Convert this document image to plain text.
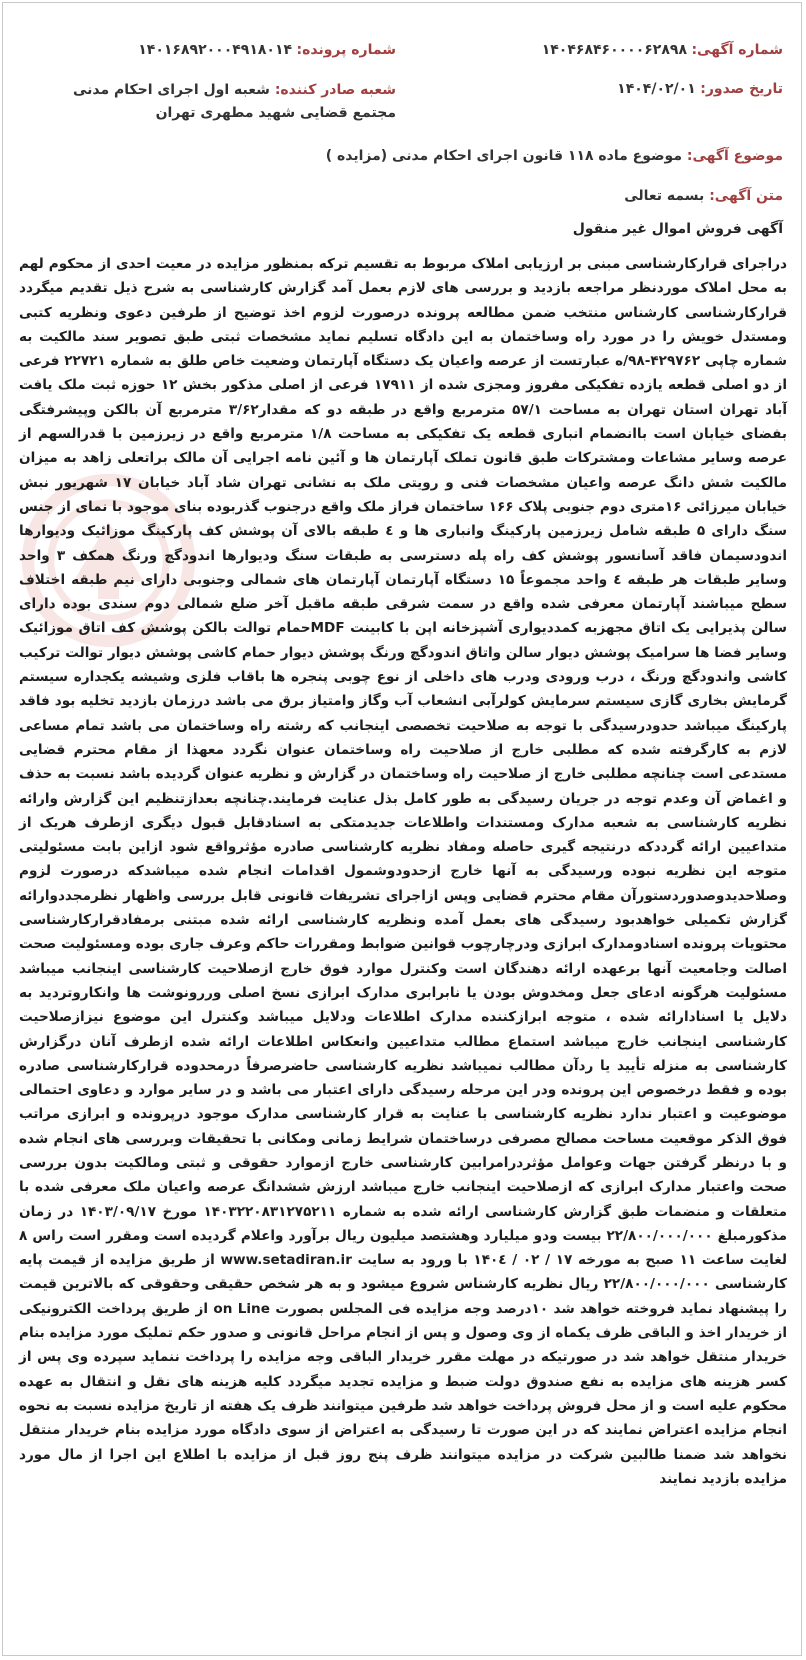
شماره آگهی: ۱۴۰۴۶۸۴۶۰۰۰۰۶۲۸۹۸
شماره پرونده: ۱۴۰۱۶۸۹۲۰۰۰۴۹۱۸۰۱۴
تاریخ صدور: ۱۴۰۴/۰۲/۰۱
شعبه صادر کننده: شعبه اول اجرای احکام مدنی مجتمع قضایی شهید مطهری تهران
موضوع آگهی: موضوع ماده ۱۱۸ قانون اجرای احکام مدنی (مزایده )
متن آگهی: بسمه تعالی
آگهی فروش اموال غیر منقول

دراجرای قرارکارشناسی مبنی بر ارزیابی املاک مربوط به تقسیم ترکه بمنظور مزایده در معیت احدی از محکوم لهم به محل املاک موردنظر مراجعه بازدید و بررسی های لازم بعمل آمد گزارش کارشناسی به شرح ذیل تقدیم میگردد قرارکارشناسی کارشناس منتخب ضمن مطالعه پرونده درصورت لزوم اخذ توضیح از طرفین دعوی ونظریه کتبی ومستدل خویش را در مورد راه وساختمان به این دادگاه تسلیم نماید مشخصات ثبتی طبق تصویر سند مالکیت به شماره چاپی ۴۲۹۷۶۲-۹۸/ه عبارتست از عرصه واعیان یک دستگاه آپارتمان وضعیت خاص طلق به شماره ۲۲۷۲۱ فرعی از دو اصلی قطعه یازده تفکیکی مفروز ومجزی شده از ۱۷۹۱۱ فرعی از اصلی مذکور بخش ۱۲ حوزه ثبت ملک یافت آباد تهران استان تهران به مساحت ۵۷/۱ مترمربع واقع در طبقه دو که مقدار۳/۶۲ مترمربع آن بالکن وپیشرفتگی بفضای خیابان است باانضمام انباری قطعه یک تفکیکی به مساحت ۱/۸ مترمربع واقع در زیرزمین با قدرالسهم از عرصه وسایر مشاعات ومشترکات طبق قانون تملک آپارتمان ها و آئین نامه اجرایی آن مالک براتعلی زاهد به میزان مالکیت شش دانگ عرصه واعیان مشخصات فنی و رویتی ملک به نشانی تهران شاد آباد خیابان ۱۷ شهریور نبش خیابان میرزائی ۱۶متری دوم جنوبی پلاک ۱۶۶ ساختمان فراز ملک واقع درجنوب گذربوده بنای موجود با نمای از جنس سنگ دارای ۵ طبقه شامل زیرزمین پارکینگ وانباری ها و ٤ طبقه بالای آن پوشش کف پارکینگ موزائیک ودیوارها اندودسیمان فاقد آسانسور پوشش کف راه پله دسترسی به طبقات سنگ ودیوارها اندودگچ ورنگ همکف ۳ واحد وسایر طبقات هر طبقه ٤ واحد مجموعاً ۱۵ دستگاه آپارتمان آپارتمان های شمالی وجنوبی دارای نیم طبقه اختلاف سطح میباشند آپارتمان معرفی شده واقع در سمت شرقی طبقه ماقبل آخر ضلع شمالی دوم سندی بوده دارای سالن پذیرایی یک اتاق مجهزبه کمددیواری آشپزخانه اپن با کابینت MDFحمام توالت بالکن پوشش کف اتاق موزائیک وسایر فضا ها سرامیک پوشش دیوار سالن واتاق اندودگچ ورنگ پوشش دیوار حمام کاشی پوشش دیوار توالت ترکیب کاشی واندودگچ ورنگ ، درب ورودی ودرب های داخلی از نوع چوبی پنجره ها باقاب فلزی وشیشه یکجداره سیستم گرمایش بخاری گازی سیستم سرمایش کولرآبی انشعاب آب وگاز وامتیاز برق می باشد درزمان بازدید تخلیه بود فاقد پارکینگ میباشد حدودرسیدگی با توجه به صلاحیت تخصصی اینجانب که رشته راه وساختمان می باشد تمام مساعی لازم به کارگرفته شده که مطلبی خارج از صلاحیت راه وساختمان عنوان نگردد معهذا از مقام محترم قضایی مستدعی است چنانچه مطلبی خارج از صلاحیت راه وساختمان در گزارش و نظریه عنوان گردیده باشد نسبت به حذف و اغماض آن وعدم توجه در جریان رسیدگی به طور کامل بذل عنایت فرمایند.چنانچه بعدازتنظیم این گزارش وارائه نظریه کارشناسی به شعبه مدارک ومستندات واطلاعات جدیدمتکی به اسنادقابل قبول دیگری ازطرف هریک از متداعیین ارائه گرددکه درنتیجه گیری حاصله ومفاد نظریه کارشناسی صادره مؤثرواقع شود ازاین بابت مسئولیتی متوجه این نظریه نبوده ورسیدگی به آنها خارج ازحدودوشمول اقدامات انجام شده میباشدکه درصورت لزوم وصلاحدیدوصدوردستورآن مقام محترم قضایی وپس ازاجرای تشریفات قانونی قابل بررسی واظهار نظرمجددوارائه گزارش تکمیلی خواهدبود رسیدگی های بعمل آمده ونظریه کارشناسی ارائه شده مبتنی برمفادقرارکارشناسی محتویات پرونده اسنادومدارک ابرازی ودرچارچوب قوانین ضوابط ومقررات حاکم وعرف جاری بوده ومسئولیت صحت اصالت وجامعیت آنها برعهده ارائه دهندگان است وکنترل موارد فوق خارج ازصلاحیت کارشناسی اینجانب میباشد مسئولیت هرگونه ادعای جعل ومخدوش بودن یا نابرابری مدارک ابرازی نسخ اصلی وررونوشت ها وانکاروتردید به دلایل یا اسنادارائه شده ، متوجه ابرازکننده مدارک اطلاعات ودلایل میباشد وکنترل این موضوع نیزازصلاحیت کارشناسی اینجانب خارج میباشد استماع مطالب متداعیین وانعکاس اطلاعات ارائه شده ازطرف آنان درگزارش کارشناسی به منزله تأیید یا ردآن مطالب نمیباشد نظریه کارشناسی حاضرصرفاً درمحدوده قرارکارشناسی صادره بوده و فقط درخصوص این پرونده ودر این مرحله رسیدگی دارای اعتبار می باشد و در سایر موارد و دعاوی احتمالی موضوعیت و اعتبار ندارد نظریه کارشناسی با عنایت به قرار کارشناسی مدارک موجود درپرونده و ابرازی مراتب فوق الذکر موقعیت مساحت مصالح مصرفی درساختمان شرایط زمانی ومکانی با تحقیقات وبررسی های انجام شده و با درنظر گرفتن جهات وعوامل مؤثردرامرابین کارشناسی خارج ازموارد حقوقی و ثبتی ومالکیت بدون بررسی صحت واعتبار مدارک ابرازی که ازصلاحیت اینجانب خارج میباشد ارزش ششدانگ عرصه واعیان ملک معرفی شده با متعلقات و منضمات طبق گزارش کارشناسی ارائه شده به شماره ۱۴۰۳۲۲۰۸۳۱۲۷۵۲۱۱ مورخ ۱۴۰۳/۰۹/۱۷ در زمان مذکورمبلغ ۲۲/۸۰۰/۰۰۰/۰۰۰ بیست ودو میلیارد وهشتصد میلیون ریال برآورد واعلام گردیده است ومقرر است راس ۸ لغایت ساعت ۱۱ صبح به مورخه ۱۷ / ۰۲ / ۱۴۰٤ با ورود به سایت www.setadiran.ir از طریق مزایده از قیمت پایه کارشناسی ۲۲/۸۰۰/۰۰۰/۰۰۰ ریال نظریه کارشناس شروع میشود و به هر شخص حقیقی وحقوقی که بالاترین قیمت را پیشنهاد نماید فروخته خواهد شد ۱۰درصد وجه مزایده فی المجلس بصورت on Line از طریق پرداخت الکترونیکی از خریدار اخذ و الباقی ظرف یکماه از وی وصول و پس از انجام مراحل قانونی و صدور حکم تملیک مورد مزایده بنام خریدار منتقل خواهد شد در صورتیکه در مهلت مقرر خریدار الباقی وجه مزایده را پرداخت ننماید سپرده وی پس از کسر هزینه های مزایده به نفع صندوق دولت ضبط و مزایده تجدید میگردد کلیه هزینه های نقل و انتقال به عهده محکوم علیه است و از محل فروش پرداخت خواهد شد طرفین میتوانند ظرف یک هفته از تاریخ مزایده نسبت به نحوه انجام مزایده اعتراض نمایند که در این صورت تا رسیدگی به اعتراض از سوی دادگاه مورد مزایده بنام خریدار منتقل نخواهد شد ضمنا طالبین شرکت در مزایده میتوانند ظرف پنج روز قبل از مزایده با اطلاع این اجرا از مال مورد مزایده بازدید نمایند
